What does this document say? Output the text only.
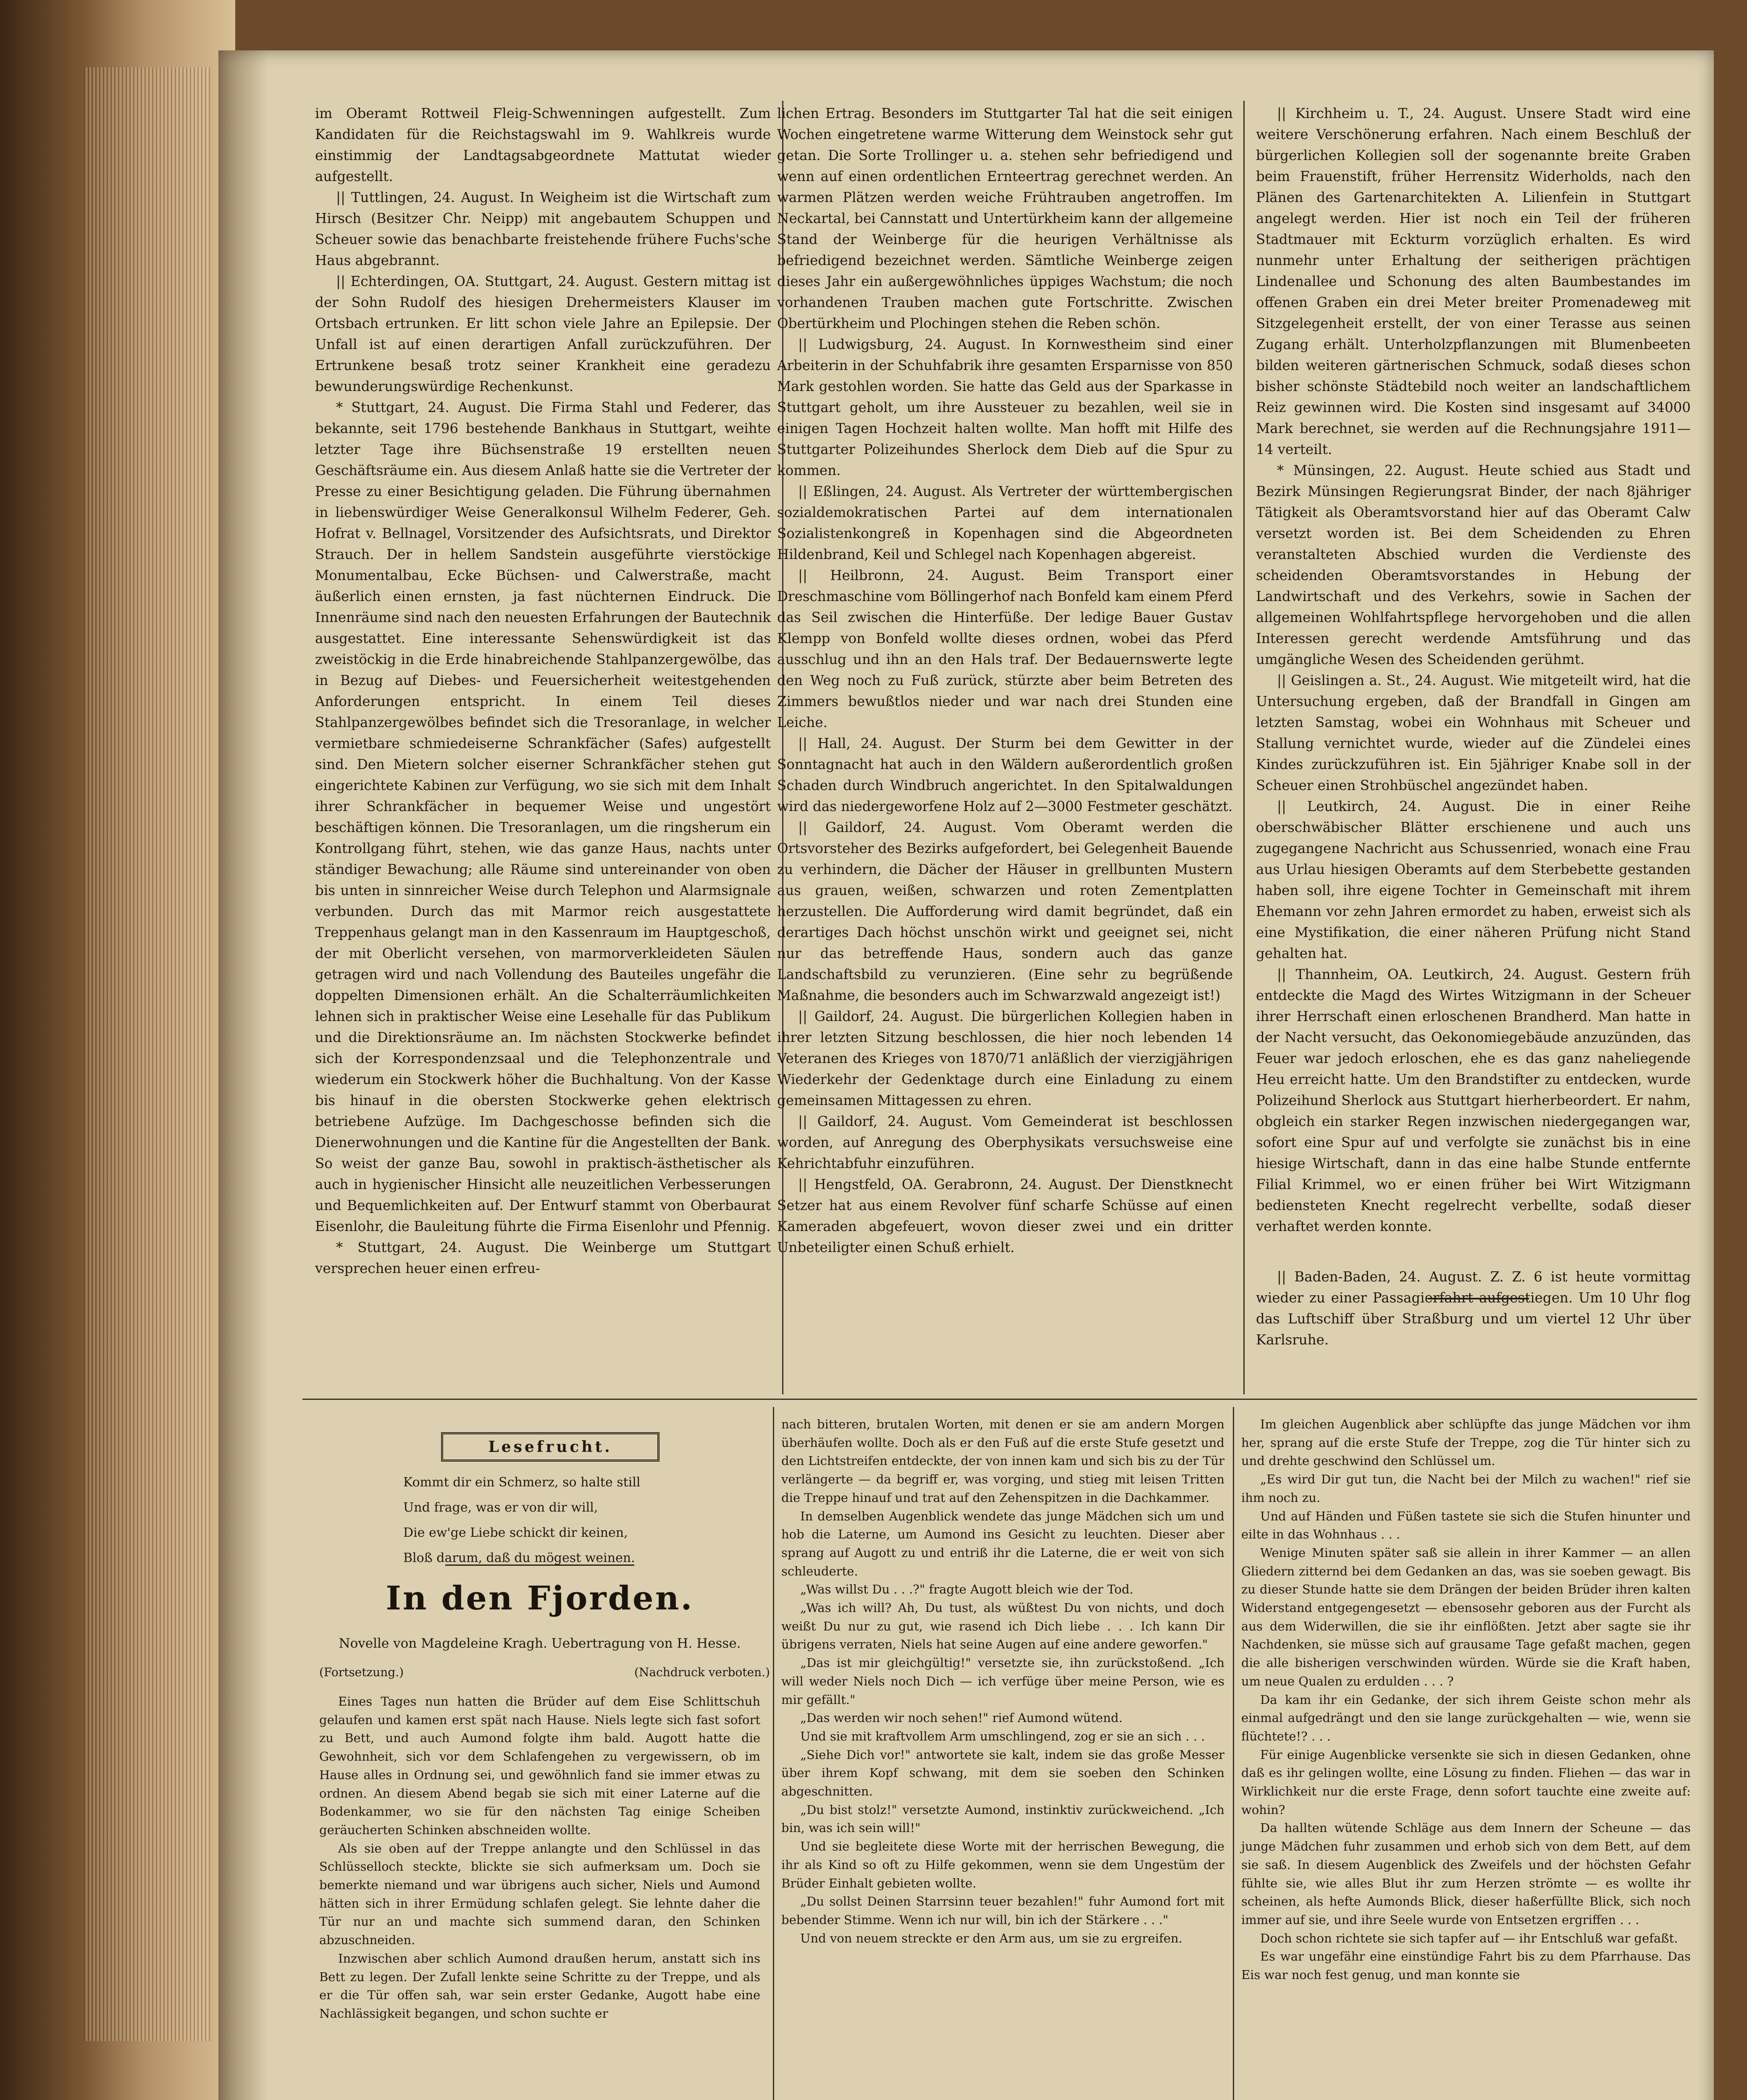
im Oberamt Rottweil Fleig-Schwenningen aufgestellt. Zum Kandidaten für die Reichstagswahl im 9. Wahlkreis wurde einstimmig der Landtagsabgeordnete Mattutat wieder aufgestellt.

|| Tuttlingen, 24. August. In Weigheim ist die Wirtschaft zum Hirsch (Besitzer Chr. Neipp) mit angebautem Schuppen und Scheuer sowie das benachbarte freistehende frühere Fuchs'sche Haus abgebrannt.

|| Echterdingen, OA. Stuttgart, 24. August. Gestern mittag ist der Sohn Rudolf des hiesigen Drehermeisters Klauser im Ortsbach ertrunken. Er litt schon viele Jahre an Epilepsie. Der Unfall ist auf einen derartigen Anfall zurückzuführen. Der Ertrunkene besaß trotz seiner Krankheit eine geradezu bewunderungswürdige Rechenkunst.

* Stuttgart, 24. August. Die Firma Stahl und Federer, das bekannte, seit 1796 bestehende Bankhaus in Stuttgart, weihte letzter Tage ihre Büchsenstraße 19 erstellten neuen Geschäftsräume ein. Aus diesem Anlaß hatte sie die Vertreter der Presse zu einer Besichtigung geladen. Die Führung übernahmen in liebenswürdiger Weise Generalkonsul Wilhelm Federer, Geh. Hofrat v. Bellnagel, Vorsitzender des Aufsichtsrats, und Direktor Strauch. Der in hellem Sandstein ausgeführte vierstöckige Monumentalbau, Ecke Büchsen- und Calwerstraße, macht äußerlich einen ernsten, ja fast nüchternen Eindruck. Die Innenräume sind nach den neuesten Erfahrungen der Bautechnik ausgestattet. Eine interessante Sehenswürdigkeit ist das zweistöckig in die Erde hinabreichende Stahlpanzergewölbe, das in Bezug auf Diebes- und Feuersicherheit weitestgehenden Anforderungen entspricht. In einem Teil dieses Stahlpanzergewölbes befindet sich die Tresoranlage, in welcher vermietbare schmiedeiserne Schrankfächer (Safes) aufgestellt sind. Den Mietern solcher eiserner Schrankfächer stehen gut eingerichtete Kabinen zur Verfügung, wo sie sich mit dem Inhalt ihrer Schrankfächer in bequemer Weise und ungestört beschäftigen können. Die Tresoranlagen, um die ringsherum ein Kontrollgang führt, stehen, wie das ganze Haus, nachts unter ständiger Bewachung; alle Räume sind untereinander von oben bis unten in sinnreicher Weise durch Telephon und Alarmsignale verbunden. Durch das mit Marmor reich ausgestattete Treppenhaus gelangt man in den Kassenraum im Hauptgeschoß, der mit Oberlicht versehen, von marmorverkleideten Säulen getragen wird und nach Vollendung des Bauteiles ungefähr die doppelten Dimensionen erhält. An die Schalterräumlichkeiten lehnen sich in praktischer Weise eine Lesehalle für das Publikum und die Direktionsräume an. Im nächsten Stockwerke befindet sich der Korrespondenzsaal und die Telephonzentrale und wiederum ein Stockwerk höher die Buchhaltung. Von der Kasse bis hinauf in die obersten Stockwerke gehen elektrisch betriebene Aufzüge. Im Dachgeschosse befinden sich die Dienerwohnungen und die Kantine für die Angestellten der Bank. So weist der ganze Bau, sowohl in praktisch-ästhetischer als auch in hygienischer Hinsicht alle neuzeitlichen Verbesserungen und Bequemlichkeiten auf. Der Entwurf stammt von Oberbaurat Eisenlohr, die Bauleitung führte die Firma Eisenlohr und Pfennig.

* Stuttgart, 24. August. Die Weinberge um Stuttgart versprechen heuer einen erfreu-

lichen Ertrag. Besonders im Stuttgarter Tal hat die seit einigen Wochen eingetretene warme Witterung dem Weinstock sehr gut getan. Die Sorte Trollinger u. a. stehen sehr befriedigend und wenn auf einen ordentlichen Ernteertrag gerechnet werden. An warmen Plätzen werden weiche Frühtrauben angetroffen. Im Neckartal, bei Cannstatt und Untertürkheim kann der allgemeine Stand der Weinberge für die heurigen Verhältnisse als befriedigend bezeichnet werden. Sämtliche Weinberge zeigen dieses Jahr ein außergewöhnliches üppiges Wachstum; die noch vorhandenen Trauben machen gute Fortschritte. Zwischen Obertürkheim und Plochingen stehen die Reben schön.

|| Ludwigsburg, 24. August. In Kornwestheim sind einer Arbeiterin in der Schuhfabrik ihre gesamten Ersparnisse von 850 Mark gestohlen worden. Sie hatte das Geld aus der Sparkasse in Stuttgart geholt, um ihre Aussteuer zu bezahlen, weil sie in einigen Tagen Hochzeit halten wollte. Man hofft mit Hilfe des Stuttgarter Polizeihundes Sherlock dem Dieb auf die Spur zu kommen.

|| Eßlingen, 24. August. Als Vertreter der württembergischen sozialdemokratischen Partei auf dem internationalen Sozialistenkongreß in Kopenhagen sind die Abgeordneten Hildenbrand, Keil und Schlegel nach Kopenhagen abgereist.

|| Heilbronn, 24. August. Beim Transport einer Dreschmaschine vom Böllingerhof nach Bonfeld kam einem Pferd das Seil zwischen die Hinterfüße. Der ledige Bauer Gustav Klempp von Bonfeld wollte dieses ordnen, wobei das Pferd ausschlug und ihn an den Hals traf. Der Bedauernswerte legte den Weg noch zu Fuß zurück, stürzte aber beim Betreten des Zimmers bewußtlos nieder und war nach drei Stunden eine Leiche.

|| Hall, 24. August. Der Sturm bei dem Gewitter in der Sonntagnacht hat auch in den Wäldern außerordentlich großen Schaden durch Windbruch angerichtet. In den Spitalwaldungen wird das niedergeworfene Holz auf 2—3000 Festmeter geschätzt.

|| Gaildorf, 24. August. Vom Oberamt werden die Ortsvorsteher des Bezirks aufgefordert, bei Gelegenheit Bauende zu verhindern, die Dächer der Häuser in grellbunten Mustern aus grauen, weißen, schwarzen und roten Zementplatten herzustellen. Die Aufforderung wird damit begründet, daß ein derartiges Dach höchst unschön wirkt und geeignet sei, nicht nur das betreffende Haus, sondern auch das ganze Landschaftsbild zu verunzieren. (Eine sehr zu begrüßende Maßnahme, die besonders auch im Schwarzwald angezeigt ist!)

|| Gaildorf, 24. August. Die bürgerlichen Kollegien haben in ihrer letzten Sitzung beschlossen, die hier noch lebenden 14 Veteranen des Krieges von 1870/71 anläßlich der vierzigjährigen Wiederkehr der Gedenktage durch eine Einladung zu einem gemeinsamen Mittagessen zu ehren.

|| Gaildorf, 24. August. Vom Gemeinderat ist beschlossen worden, auf Anregung des Oberphysikats versuchsweise eine Kehrichtabfuhr einzuführen.

|| Hengstfeld, OA. Gerabronn, 24. August. Der Dienstknecht Setzer hat aus einem Revolver fünf scharfe Schüsse auf einen Kameraden abgefeuert, wovon dieser zwei und ein dritter Unbeteiligter einen Schuß erhielt.

|| Kirchheim u. T., 24. August. Unsere Stadt wird eine weitere Verschönerung erfahren. Nach einem Beschluß der bürgerlichen Kollegien soll der sogenannte breite Graben beim Frauenstift, früher Herrensitz Widerholds, nach den Plänen des Gartenarchitekten A. Lilienfein in Stuttgart angelegt werden. Hier ist noch ein Teil der früheren Stadtmauer mit Eckturm vorzüglich erhalten. Es wird nunmehr unter Erhaltung der seitherigen prächtigen Lindenallee und Schonung des alten Baumbestandes im offenen Graben ein drei Meter breiter Promenadeweg mit Sitzgelegenheit erstellt, der von einer Terasse aus seinen Zugang erhält. Unterholzpflanzungen mit Blumenbeeten bilden weiteren gärtnerischen Schmuck, sodaß dieses schon bisher schönste Städtebild noch weiter an landschaftlichem Reiz gewinnen wird. Die Kosten sind insgesamt auf 34000 Mark berechnet, sie werden auf die Rechnungsjahre 1911—14 verteilt.

* Münsingen, 22. August. Heute schied aus Stadt und Bezirk Münsingen Regierungsrat Binder, der nach 8jähriger Tätigkeit als Oberamtsvorstand hier auf das Oberamt Calw versetzt worden ist. Bei dem Scheidenden zu Ehren veranstalteten Abschied wurden die Verdienste des scheidenden Oberamtsvorstandes in Hebung der Landwirtschaft und des Verkehrs, sowie in Sachen der allgemeinen Wohlfahrtspflege hervorgehoben und die allen Interessen gerecht werdende Amtsführung und das umgängliche Wesen des Scheidenden gerühmt.

|| Geislingen a. St., 24. August. Wie mitgeteilt wird, hat die Untersuchung ergeben, daß der Brandfall in Gingen am letzten Samstag, wobei ein Wohnhaus mit Scheuer und Stallung vernichtet wurde, wieder auf die Zündelei eines Kindes zurückzuführen ist. Ein 5jähriger Knabe soll in der Scheuer einen Strohbüschel angezündet haben.

|| Leutkirch, 24. August. Die in einer Reihe oberschwäbischer Blätter erschienene und auch uns zugegangene Nachricht aus Schussenried, wonach eine Frau aus Urlau hiesigen Oberamts auf dem Sterbebette gestanden haben soll, ihre eigene Tochter in Gemeinschaft mit ihrem Ehemann vor zehn Jahren ermordet zu haben, erweist sich als eine Mystifikation, die einer näheren Prüfung nicht Stand gehalten hat.

|| Thannheim, OA. Leutkirch, 24. August. Gestern früh entdeckte die Magd des Wirtes Witzigmann in der Scheuer ihrer Herrschaft einen erloschenen Brandherd. Man hatte in der Nacht versucht, das Oekonomiegebäude anzuzünden, das Feuer war jedoch erloschen, ehe es das ganz naheliegende Heu erreicht hatte. Um den Brandstifter zu entdecken, wurde Polizeihund Sherlock aus Stuttgart hierherbeordert. Er nahm, obgleich ein starker Regen inzwischen niedergegangen war, sofort eine Spur auf und verfolgte sie zunächst bis in eine hiesige Wirtschaft, dann in das eine halbe Stunde entfernte Filial Krimmel, wo er einen früher bei Wirt Witzigmann bediensteten Knecht regelrecht verbellte, sodaß dieser verhaftet werden konnte.

|| Baden-Baden, 24. August. Z. Z. 6 ist heute vormittag wieder zu einer Passagierfahrt aufgestiegen. Um 10 Uhr flog das Luftschiff über Straßburg und um viertel 12 Uhr über Karlsruhe.

Lesefrucht.
Kommt dir ein Schmerz, so halte still
Und frage, was er von dir will,
Die ew'ge Liebe schickt dir keinen,
Bloß darum, daß du mögest weinen.
In den Fjorden.
Novelle von Magdeleine Kragh. Uebertragung von H. Hesse.
(Fortsetzung.)	(Nachdruck verboten.)

Eines Tages nun hatten die Brüder auf dem Eise Schlittschuh gelaufen und kamen erst spät nach Hause. Niels legte sich fast sofort zu Bett, und auch Aumond folgte ihm bald. Augott hatte die Gewohnheit, sich vor dem Schlafengehen zu vergewissern, ob im Hause alles in Ordnung sei, und gewöhnlich fand sie immer etwas zu ordnen. An diesem Abend begab sie sich mit einer Laterne auf die Bodenkammer, wo sie für den nächsten Tag einige Scheiben geräucherten Schinken abschneiden wollte.

Als sie oben auf der Treppe anlangte und den Schlüssel in das Schlüsselloch steckte, blickte sie sich aufmerksam um. Doch sie bemerkte niemand und war übrigens auch sicher, Niels und Aumond hätten sich in ihrer Ermüdung schlafen gelegt. Sie lehnte daher die Tür nur an und machte sich summend daran, den Schinken abzuschneiden.

Inzwischen aber schlich Aumond draußen herum, anstatt sich ins Bett zu legen. Der Zufall lenkte seine Schritte zu der Treppe, und als er die Tür offen sah, war sein erster Gedanke, Augott habe eine Nachlässigkeit begangen, und schon suchte er

nach bitteren, brutalen Worten, mit denen er sie am andern Morgen überhäufen wollte. Doch als er den Fuß auf die erste Stufe gesetzt und den Lichtstreifen entdeckte, der von innen kam und sich bis zu der Tür verlängerte — da begriff er, was vorging, und stieg mit leisen Tritten die Treppe hinauf und trat auf den Zehenspitzen in die Dachkammer.

In demselben Augenblick wendete das junge Mädchen sich um und hob die Laterne, um Aumond ins Gesicht zu leuchten. Dieser aber sprang auf Augott zu und entriß ihr die Laterne, die er weit von sich schleuderte.

„Was willst Du . . .?" fragte Augott bleich wie der Tod.

„Was ich will? Ah, Du tust, als wüßtest Du von nichts, und doch weißt Du nur zu gut, wie rasend ich Dich liebe . . . Ich kann Dir übrigens verraten, Niels hat seine Augen auf eine andere geworfen."

„Das ist mir gleichgültig!" versetzte sie, ihn zurückstoßend. „Ich will weder Niels noch Dich — ich verfüge über meine Person, wie es mir gefällt."

„Das werden wir noch sehen!" rief Aumond wütend.

Und sie mit kraftvollem Arm umschlingend, zog er sie an sich . . .

„Siehe Dich vor!" antwortete sie kalt, indem sie das große Messer über ihrem Kopf schwang, mit dem sie soeben den Schinken abgeschnitten.

„Du bist stolz!" versetzte Aumond, instinktiv zurückweichend. „Ich bin, was ich sein will!"

Und sie begleitete diese Worte mit der herrischen Bewegung, die ihr als Kind so oft zu Hilfe gekommen, wenn sie dem Ungestüm der Brüder Einhalt gebieten wollte.

„Du sollst Deinen Starrsinn teuer bezahlen!" fuhr Aumond fort mit bebender Stimme. Wenn ich nur will, bin ich der Stärkere . . ."

Und von neuem streckte er den Arm aus, um sie zu ergreifen.

Im gleichen Augenblick aber schlüpfte das junge Mädchen vor ihm her, sprang auf die erste Stufe der Treppe, zog die Tür hinter sich zu und drehte geschwind den Schlüssel um.

„Es wird Dir gut tun, die Nacht bei der Milch zu wachen!" rief sie ihm noch zu.

Und auf Händen und Füßen tastete sie sich die Stufen hinunter und eilte in das Wohnhaus . . .

Wenige Minuten später saß sie allein in ihrer Kammer — an allen Gliedern zitternd bei dem Gedanken an das, was sie soeben gewagt. Bis zu dieser Stunde hatte sie dem Drängen der beiden Brüder ihren kalten Widerstand entgegengesetzt — ebensosehr geboren aus der Furcht als aus dem Widerwillen, die sie ihr einflößten. Jetzt aber sagte sie ihr Nachdenken, sie müsse sich auf grausame Tage gefaßt machen, gegen die alle bisherigen verschwinden würden. Würde sie die Kraft haben, um neue Qualen zu erdulden . . . ?

Da kam ihr ein Gedanke, der sich ihrem Geiste schon mehr als einmal aufgedrängt und den sie lange zurückgehalten — wie, wenn sie flüchtete!? . . .

Für einige Augenblicke versenkte sie sich in diesen Gedanken, ohne daß es ihr gelingen wollte, eine Lösung zu finden. Fliehen — das war in Wirklichkeit nur die erste Frage, denn sofort tauchte eine zweite auf: wohin?

Da hallten wütende Schläge aus dem Innern der Scheune — das junge Mädchen fuhr zusammen und erhob sich von dem Bett, auf dem sie saß. In diesem Augenblick des Zweifels und der höchsten Gefahr fühlte sie, wie alles Blut ihr zum Herzen strömte — es wollte ihr scheinen, als hefte Aumonds Blick, dieser haßerfüllte Blick, sich noch immer auf sie, und ihre Seele wurde von Entsetzen ergriffen . . .

Doch schon richtete sie sich tapfer auf — ihr Entschluß war gefaßt.

Es war ungefähr eine einstündige Fahrt bis zu dem Pfarrhause. Das Eis war noch fest genug, und man konnte sie
